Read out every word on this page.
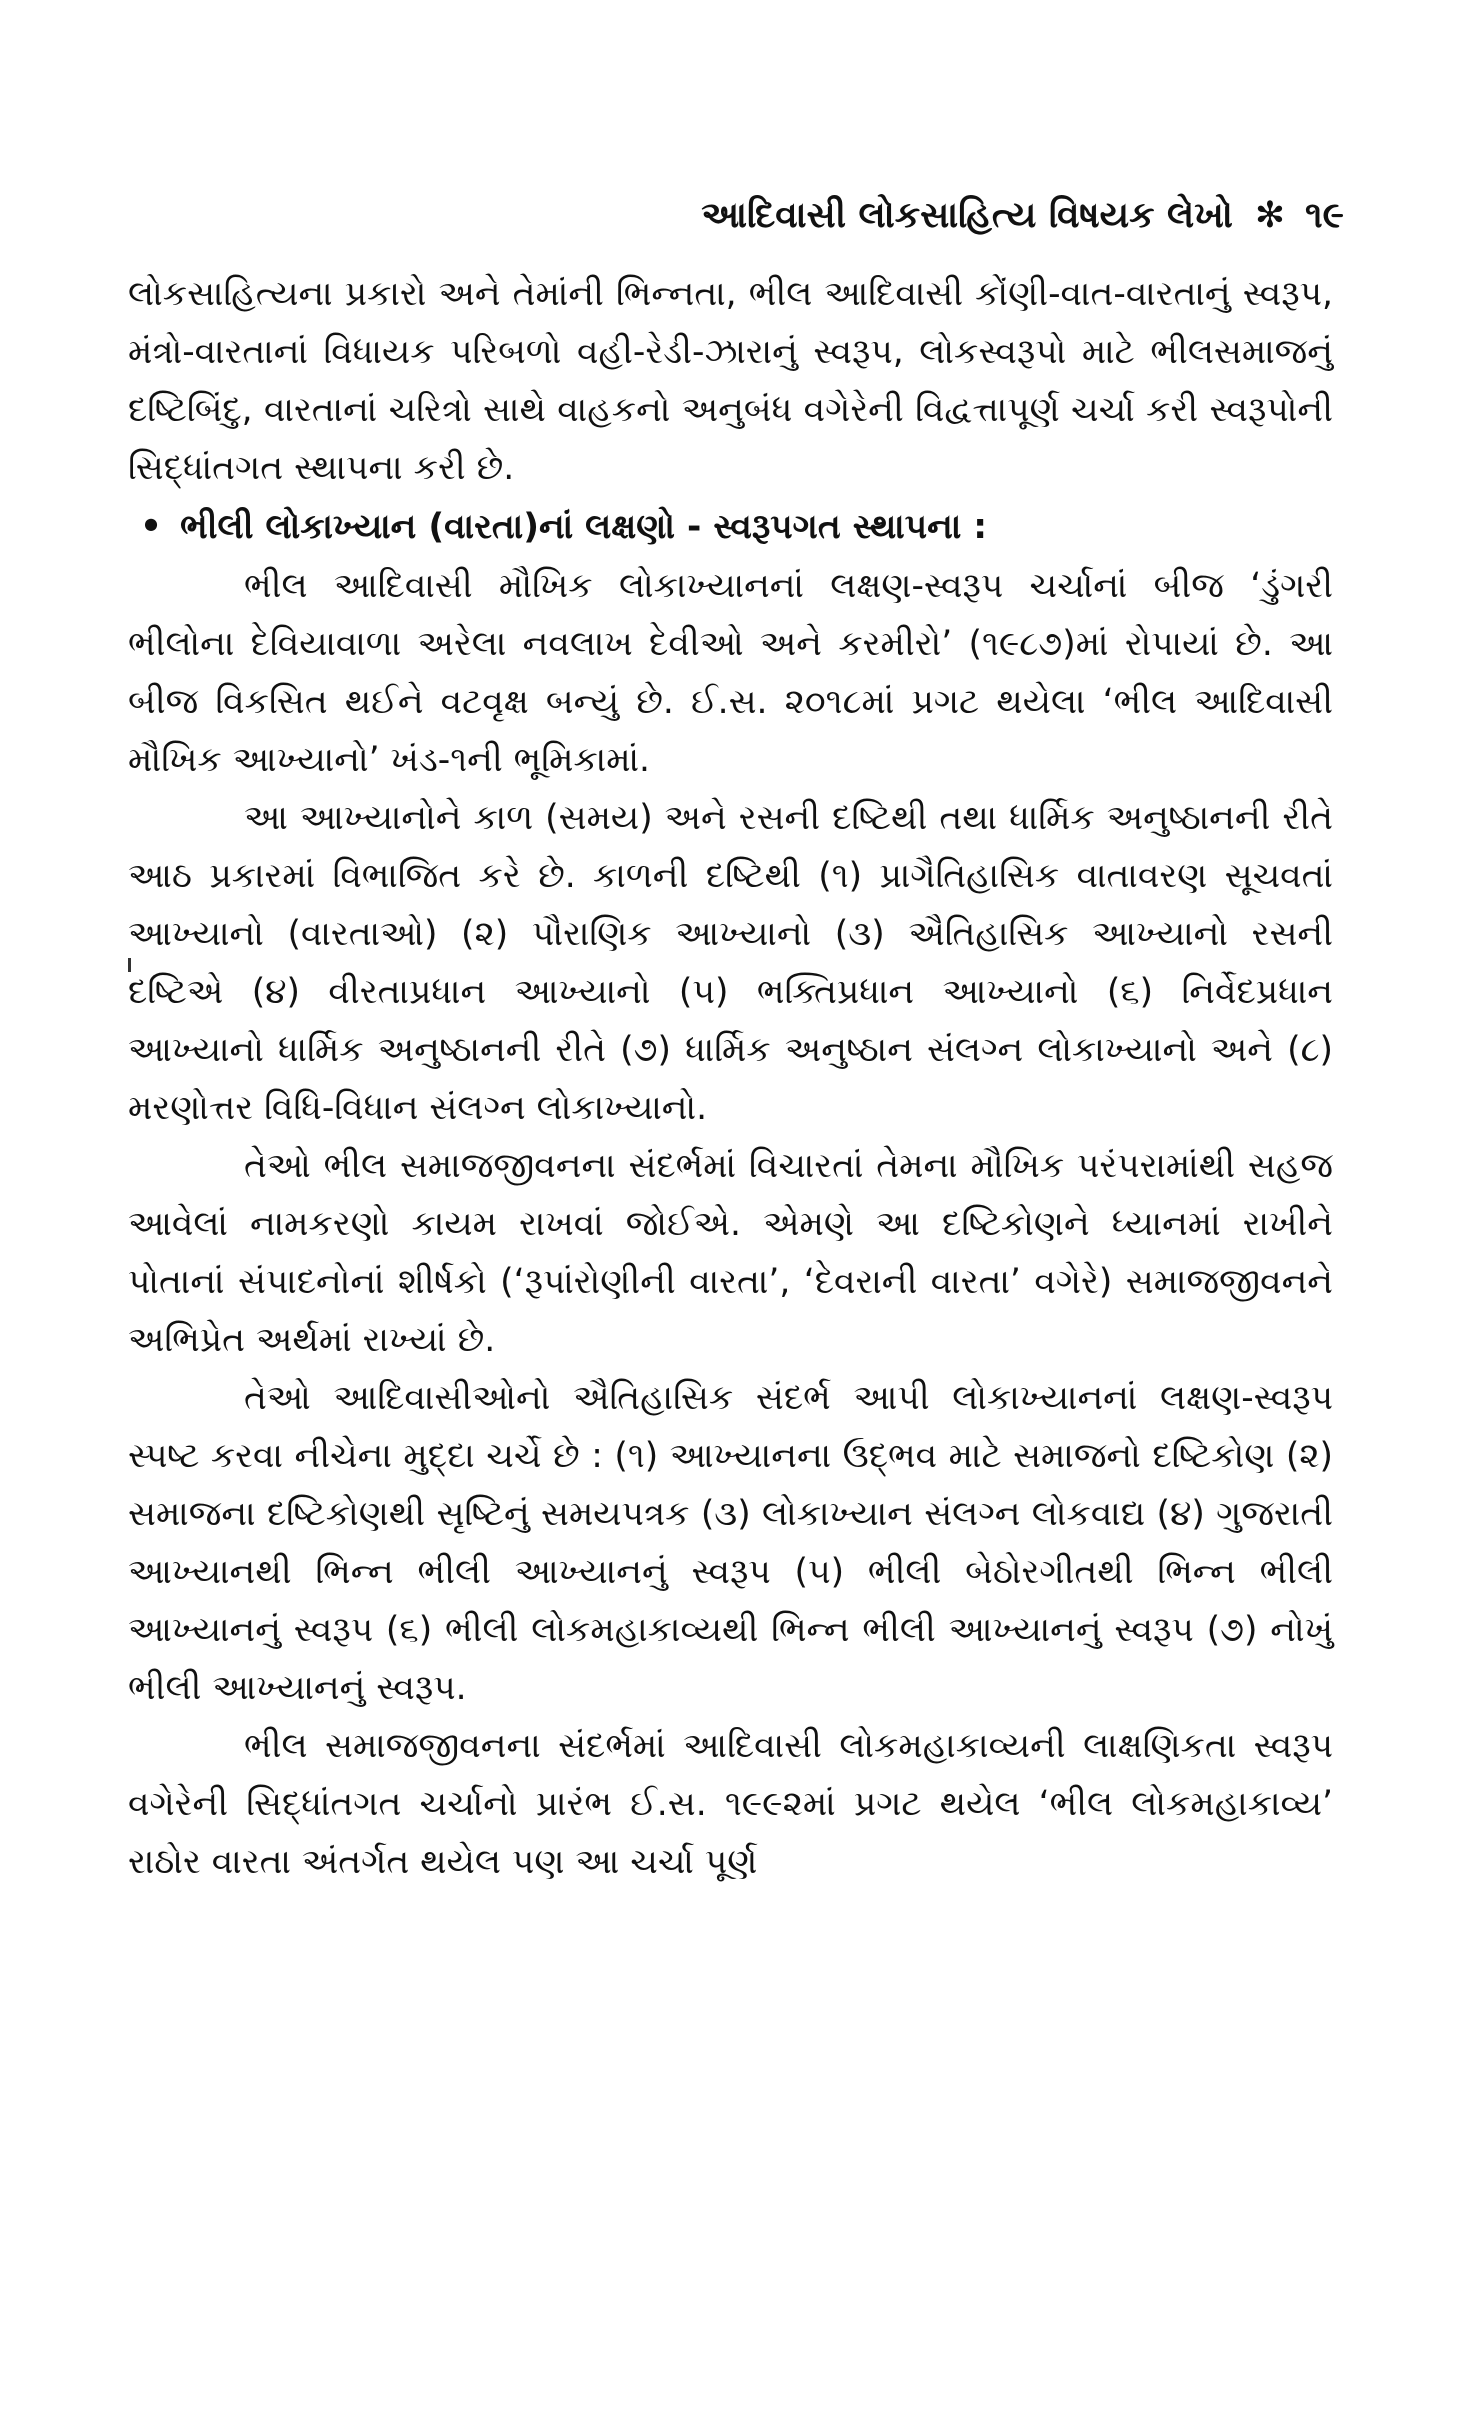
આદિવાસી લોકસાહિત્ય વિષયક લેખો ✻ ૧૯

લોકસાહિત્યના પ્રકારો અને તેમાંની ભિન્નતા, ભીલ આદિવાસી કોંણી-વાત-વારતાનું સ્વરૂપ, મંત્રો-વારતાનાં વિધાયક પરિબળો વહી-રેડી-ઝારાનું સ્વરૂપ, લોકસ્વરૂપો માટે ભીલસમાજનું દષ્ટિબિંદુ, વારતાનાં ચરિત્રો સાથે વાહકનો અનુબંધ વગેરેની વિદ્વત્તાપૂર્ણ ચર્ચા કરી સ્વરૂપોની સિદ્ધાંતગત સ્થાપના કરી છે.

• ભીલી લોકાખ્યાન (વારતા)નાં લક્ષણો - સ્વરૂપગત સ્થાપના :

ભીલ આદિવાસી મૌખિક લોકાખ્યાનનાં લક્ષણ-સ્વરૂપ ચર્ચાનાં બીજ ‘ડુંગરી ભીલોના દેવિયાવાળા અરેલા નવલાખ દેવીઓ અને કરમીરો’ (૧૯૮૭)માં રોપાયાં છે. આ બીજ વિકસિત થઈને વટવૃક્ષ બન્યું છે. ઈ.સ. ૨૦૧૮માં પ્રગટ થયેલા ‘ભીલ આદિવાસી મૌખિક આખ્યાનો’ ખંડ-૧ની ભૂમિકામાં.

આ આખ્યાનોને કાળ (સમય) અને રસની દષ્ટિથી તથા ધાર્મિક અનુષ્ઠાનની રીતે આઠ પ્રકારમાં વિભાજિત કરે છે. કાળની દષ્ટિથી (૧) પ્રાગૈતિહાસિક વાતાવરણ સૂચવતાં આખ્યાનો (વારતાઓ) (૨) પૌરાણિક આખ્યાનો (૩) ઐતિહાસિક આખ્યાનો રસની દષ્ટિએ (૪) વીરતાપ્રધાન આખ્યાનો (૫) ભક્તિપ્રધાન આખ્યાનો (૬) નિર્વેદપ્રધાન આખ્યાનો ધાર્મિક અનુષ્ઠાનની રીતે (૭) ધાર્મિક અનુષ્ઠાન સંલગ્ન લોકાખ્યાનો અને (૮) મરણોત્તર વિધિ-વિધાન સંલગ્ન લોકાખ્યાનો.

તેઓ ભીલ સમાજજીવનના સંદર્ભમાં વિચારતાં તેમના મૌખિક પરંપરામાંથી સહજ આવેલાં નામકરણો કાયમ રાખવાં જોઈએ. એમણે આ દષ્ટિકોણને ધ્યાનમાં રાખીને પોતાનાં સંપાદનોનાં શીર્ષકો (‘રૂપાંરોણીની વારતા’, ‘દેવરાની વારતા’ વગેરે) સમાજજીવનને અભિપ્રેત અર્થમાં રાખ્યાં છે.

તેઓ આદિવાસીઓનો ઐતિહાસિક સંદર્ભ આપી લોકાખ્યાનનાં લક્ષણ-સ્વરૂપ સ્પષ્ટ કરવા નીચેના મુદ્દા ચર્ચે છે : (૧) આખ્યાનના ઉદ્‌ભવ માટે સમાજનો દષ્ટિકોણ (૨) સમાજના દષ્ટિકોણથી સૃષ્ટિનું સમયપત્રક (૩) લોકાખ્યાન સંલગ્ન લોકવાદ્ય (૪) ગુજરાતી આખ્યાનથી ભિન્ન ભીલી આખ્યાનનું સ્વરૂપ (૫) ભીલી બેઠોરગીતથી ભિન્ન ભીલી આખ્યાનનું સ્વરૂપ (૬) ભીલી લોકમહાકાવ્યથી ભિન્ન ભીલી આખ્યાનનું સ્વરૂપ (૭) નોખું ભીલી આખ્યાનનું સ્વરૂપ.

ભીલ સમાજજીવનના સંદર્ભમાં આદિવાસી લોકમહાકાવ્યની લાક્ષણિકતા સ્વરૂપ વગેરેની સિદ્ધાંતગત ચર્ચાનો પ્રારંભ ઈ.સ. ૧૯૯૨માં પ્રગટ થયેલ ‘ભીલ લોકમહાકાવ્ય’ રાઠોર વારતા અંતર્ગત થયેલ પણ આ ચર્ચા પૂર્ણ
